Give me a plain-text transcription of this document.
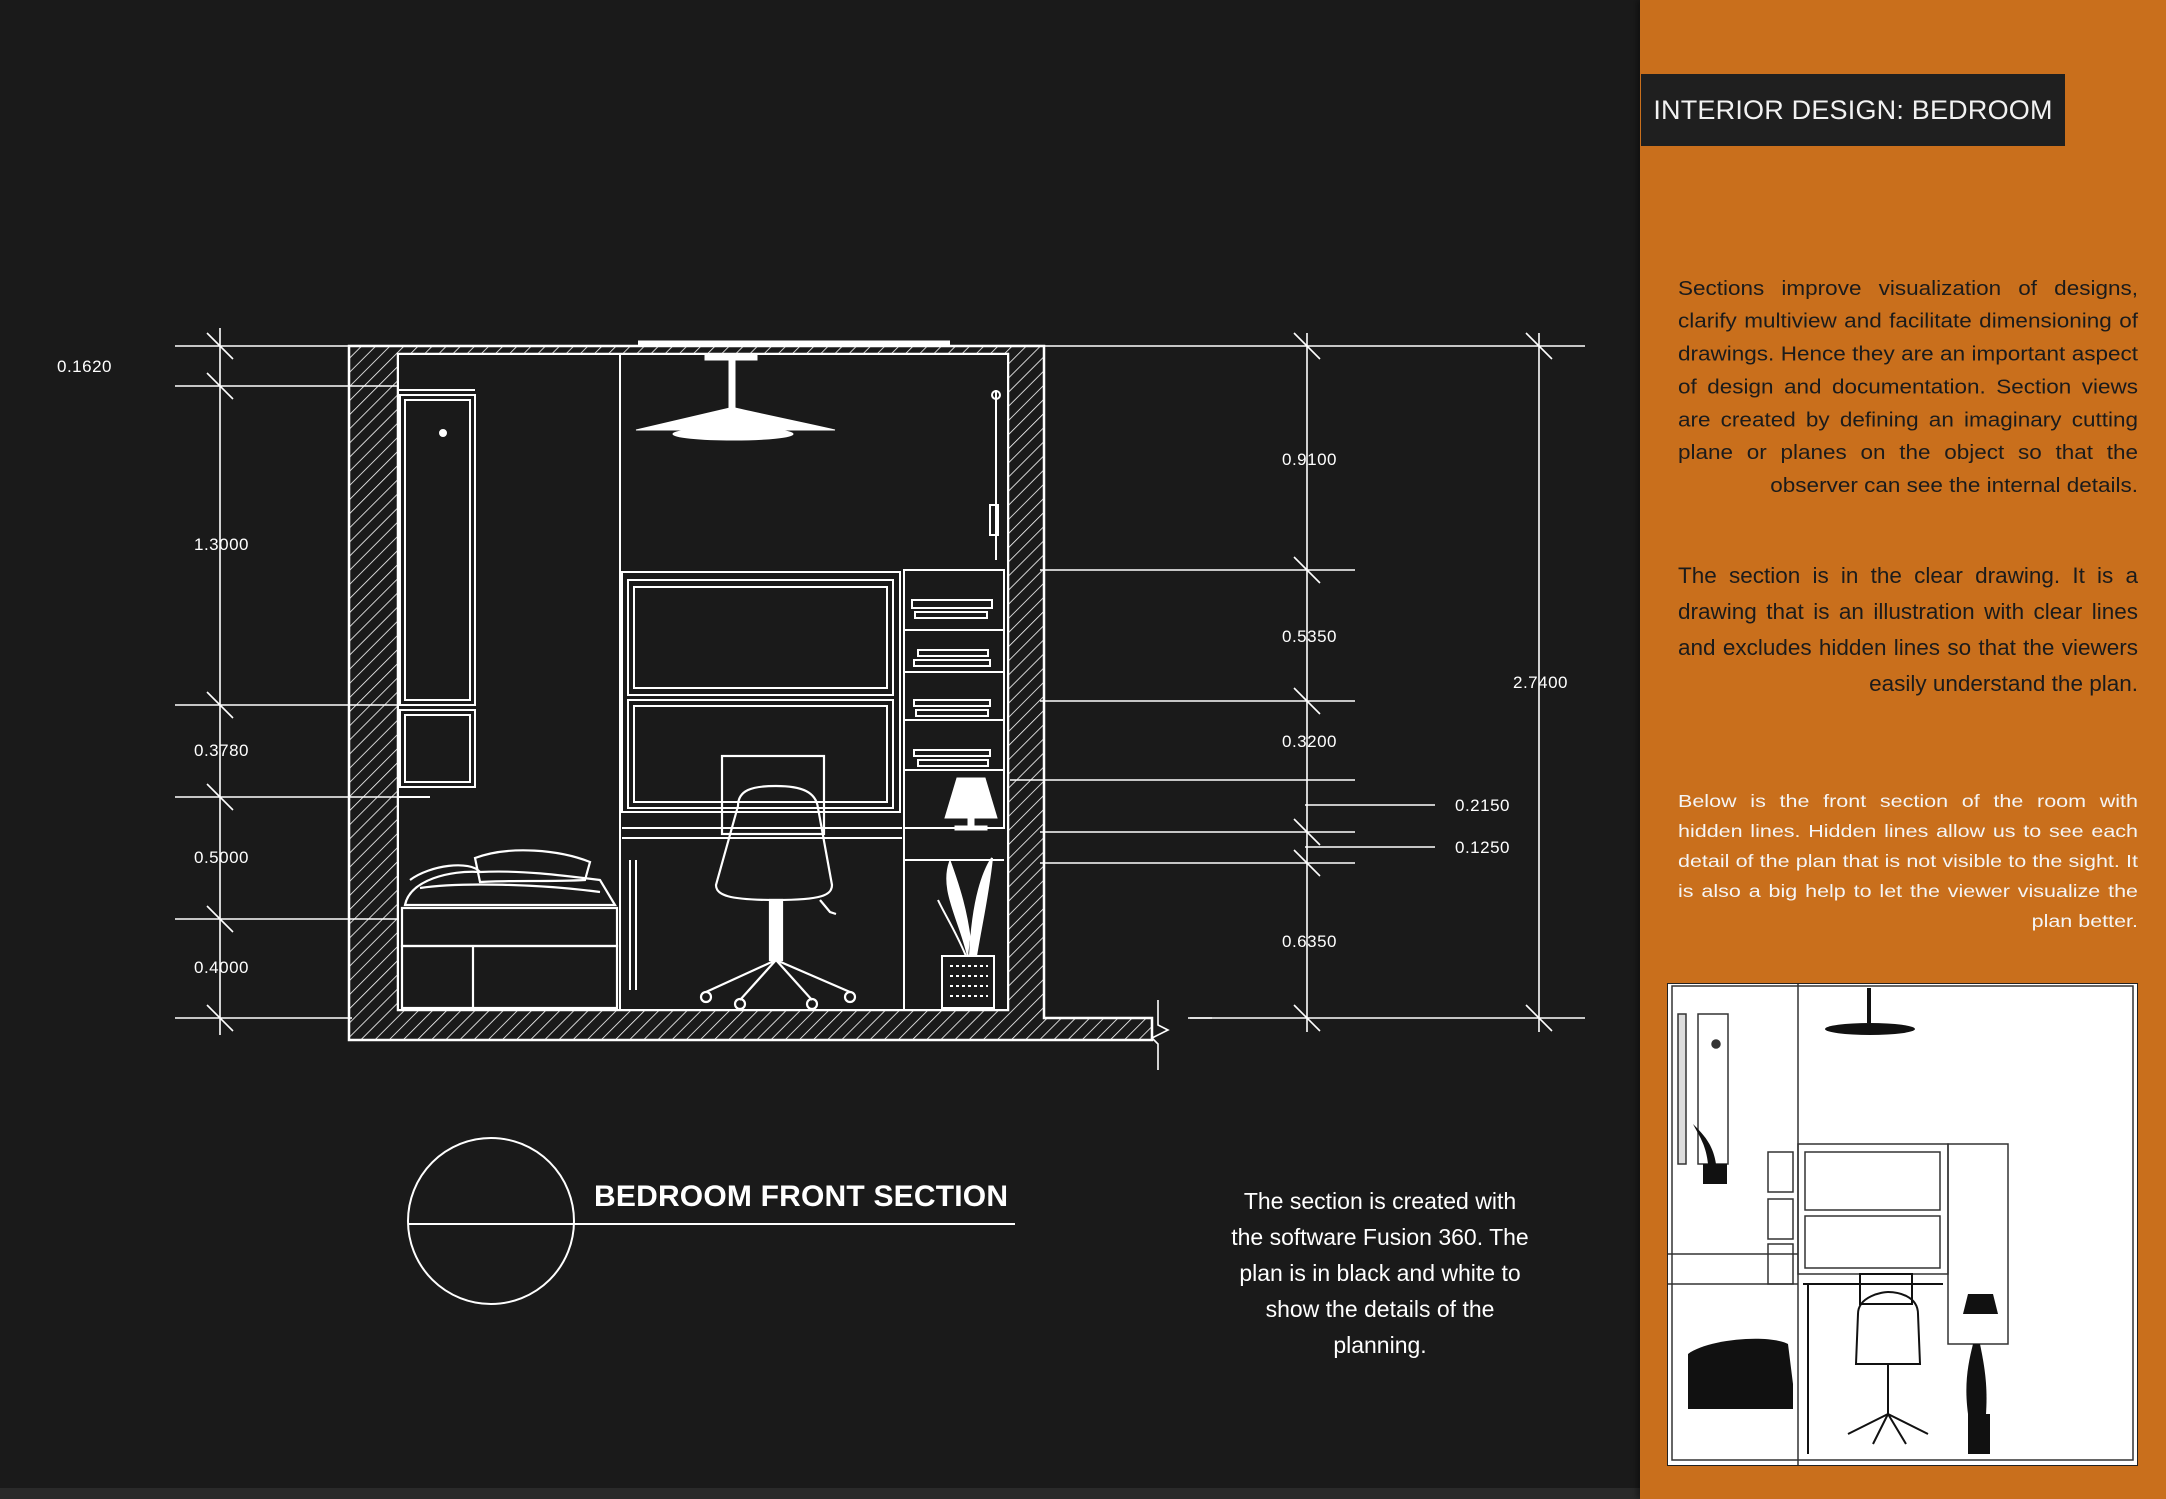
0.1620
1.3000
0.3780
0.5000
0.4000
0.9100
0.5350
0.3200
0.6350
0.2150
0.1250
2.7400
BEDROOM FRONT SECTION	The section is created with the software Fusion 360. The plan is in black and white to show the details of the planning.
INTERIOR DESIGN: BEDROOM
Sections improve visualization of designs, clarify multiview and facilitate dimensioning of drawings. Hence they are an important aspect of design and documentation. Section views are created by defining an imaginary cutting plane or planes on the object so that the observer can see the internal details.
The section is in the clear drawing. It is a drawing that is an illustration with clear lines and excludes hidden lines so that the viewers easily understand the plan.
Below is the front section of the room with hidden lines. Hidden lines allow us to see each detail of the plan that is not visible to the sight. It is also a big help to let the viewer visualize the plan better.
